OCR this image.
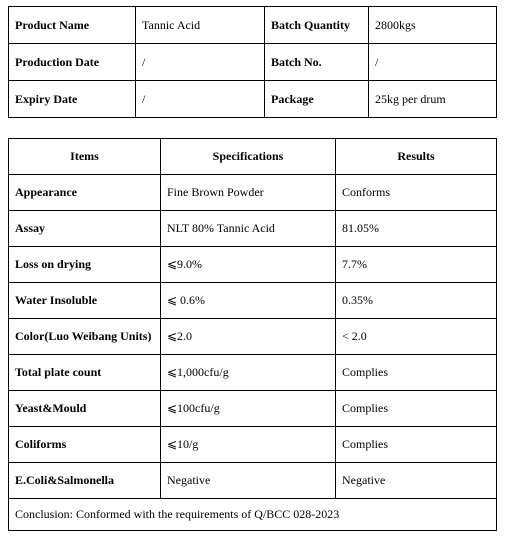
Product Name	Tannic Acid	Batch Quantity	2800kgs
Production Date	/	Batch No.	/
Expiry Date	/	Package	25kg per drum
Items	Specifications	Results

Appearance	Fine Brown Powder	Conforms

Assay	NLT 80% Tannic Acid	81.05%

Loss on drying	⩽9.0%	7.7%

Water Insoluble	⩽ 0.6%	0.35%

Color(Luo Weibang Units)	⩽2.0	< 2.0

Total plate count	⩽1,000cfu/g	Complies

Yeast&Mould	⩽100cfu/g	Complies

Coliforms	⩽10/g	Complies

E.Coli&Salmonella	Negative	Negative
Conclusion: Conformed with the requirements of Q/BCC 028-2023		
